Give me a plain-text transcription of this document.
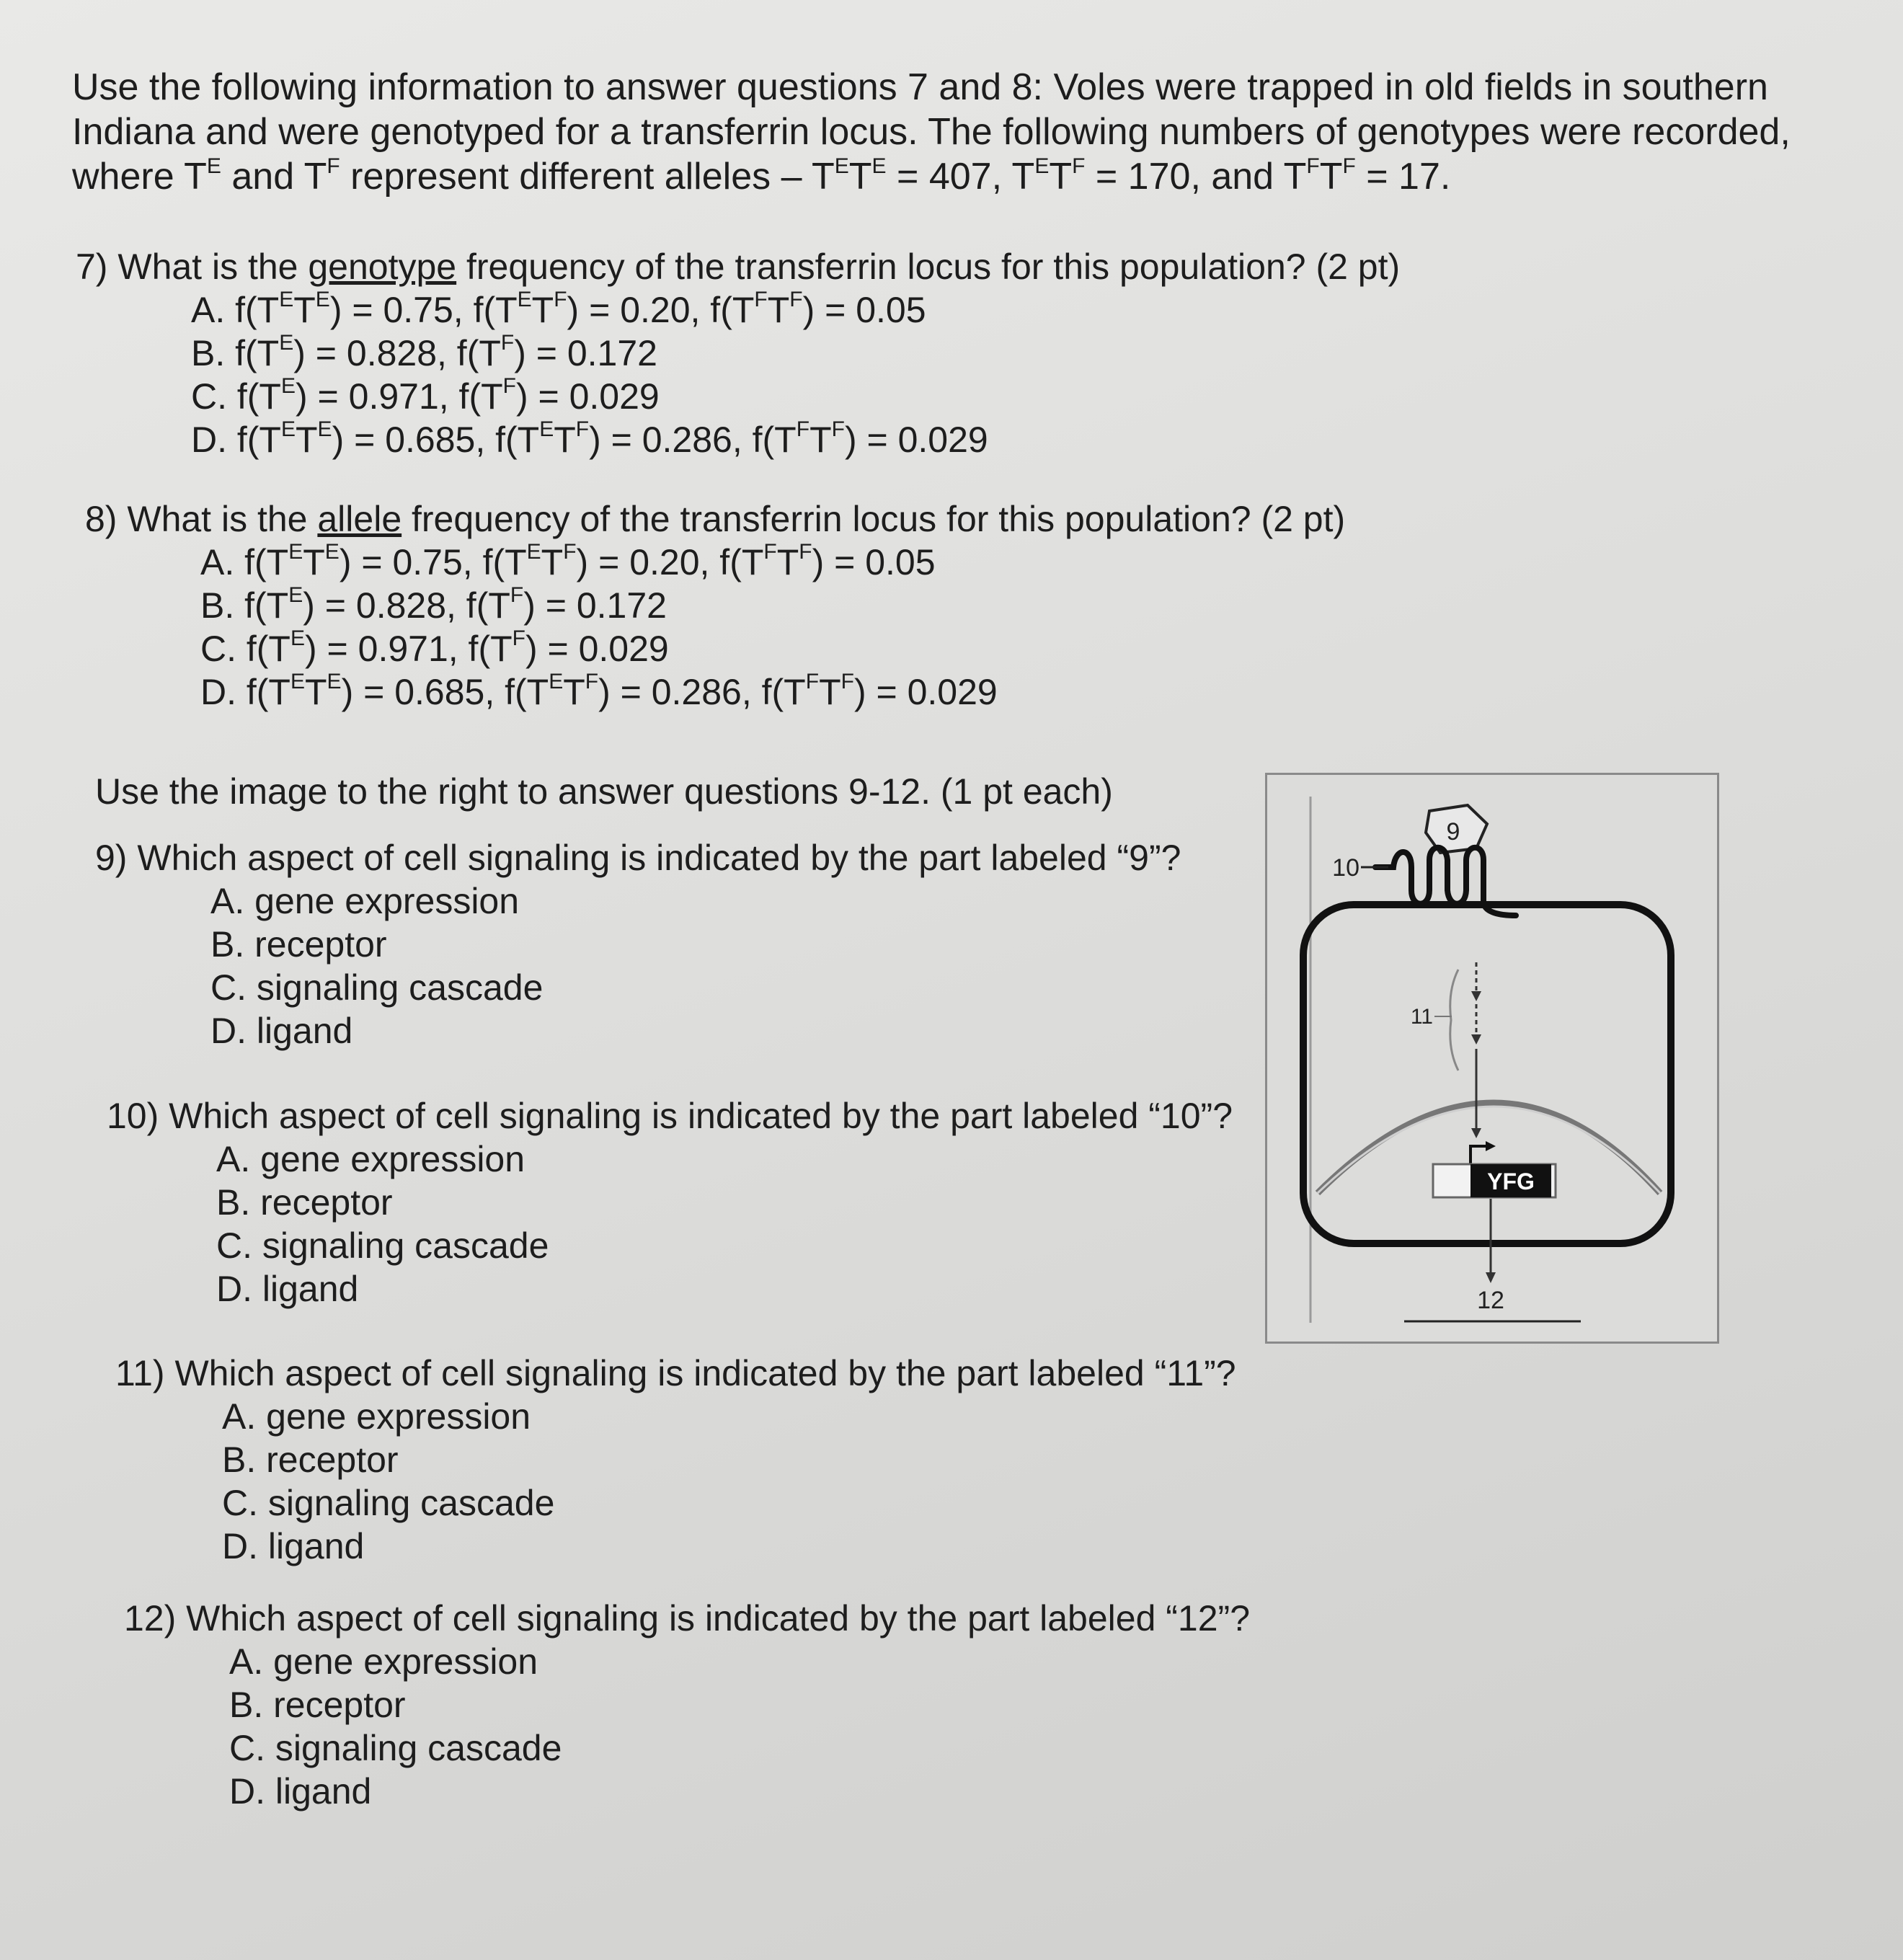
Use the following information to answer questions 7 and 8: Voles were trapped in old fields in southern Indiana and were genotyped for a transferrin locus. The following numbers of genotypes were recorded, where $T^E$ and $T^F$ represent different alleles – $T^ET^E = 407$, $T^ET^F = 170$, and $T^FT^F = 17$.

7) What is the genotype frequency of the transferrin locus for this population? (2 pt)

A. $f(T^ET^E) = 0.75$, $f(T^ET^F) = 0.20$, $f(T^FT^F) = 0.05$
B. $f(T^E) = 0.828$, $f(T^F) = 0.172$
C. $f(T^E) = 0.971$, $f(T^F) = 0.029$
D. $f(T^ET^E) = 0.685$, $f(T^ET^F) = 0.286$, $f(T^FT^F) = 0.029$

8) What is the allele frequency of the transferrin locus for this population? (2 pt)

A. $f(T^ET^E) = 0.75$, $f(T^ET^F) = 0.20$, $f(T^FT^F) = 0.05$
B. $f(T^E) = 0.828$, $f(T^F) = 0.172$
C. $f(T^E) = 0.971$, $f(T^F) = 0.029$
D. $f(T^ET^E) = 0.685$, $f(T^ET^F) = 0.286$, $f(T^FT^F) = 0.029$

Use the image to the right to answer questions 9-12. (1 pt each)

9) Which aspect of cell signaling is indicated by the part labeled “9”?

A. gene expression
B. receptor
C. signaling cascade
D. ligand

10) Which aspect of cell signaling is indicated by the part labeled “10”?

A. gene expression
B. receptor
C. signaling cascade
D. ligand

11) Which aspect of cell signaling is indicated by the part labeled “11”?

A. gene expression
B. receptor
C. signaling cascade
D. ligand

12) Which aspect of cell signaling is indicated by the part labeled “12”?

A. gene expression
B. receptor
C. signaling cascade
D. ligand
9
10
11
YFG
12
